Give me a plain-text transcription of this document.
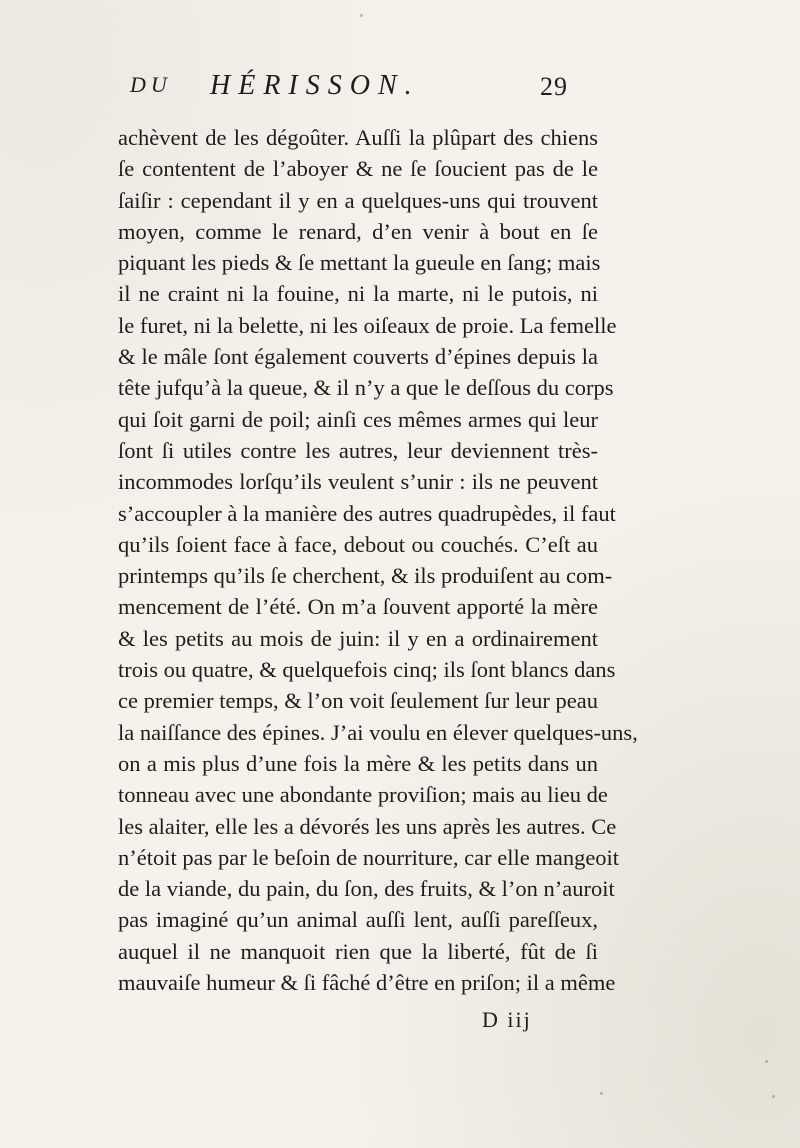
DU HÉRISSON.	29
achèvent de les dégoûter. Auſſi la plûpart des chiens
ſe contentent de l’aboyer & ne ſe ſoucient pas de le
ſaiſir : cependant il y en a quelques-uns qui trouvent
moyen, comme le renard, d’en venir à bout en ſe
piquant les pieds & ſe mettant la gueule en ſang; mais
il ne craint ni la fouine, ni la marte, ni le putois, ni
le furet, ni la belette, ni les oiſeaux de proie. La femelle
& le mâle ſont également couverts d’épines depuis la
tête jufqu’à la queue, & il n’y a que le deſſous du corps
qui ſoit garni de poil; ainſi ces mêmes armes qui leur
ſont ſi utiles contre les autres, leur deviennent très-
incommodes lorſqu’ils veulent s’unir : ils ne peuvent
s’accoupler à la manière des autres quadrupèdes, il faut
qu’ils ſoient face à face, debout ou couchés. C’eſt au
printemps qu’ils ſe cherchent, & ils produiſent au com-
mencement de l’été. On m’a ſouvent apporté la mère
& les petits au mois de juin: il y en a ordinairement
trois ou quatre, & quelquefois cinq; ils ſont blancs dans
ce premier temps, & l’on voit ſeulement ſur leur peau
la naiſſance des épines. J’ai voulu en élever quelques-uns,
on a mis plus d’une fois la mère & les petits dans un
tonneau avec une abondante proviſion; mais au lieu de
les alaiter, elle les a dévorés les uns après les autres. Ce
n’étoit pas par le beſoin de nourriture, car elle mangeoit
de la viande, du pain, du ſon, des fruits, & l’on n’auroit
pas imaginé qu’un animal auſſi lent, auſſi pareſſeux,
auquel il ne manquoit rien que la liberté, fût de ſi
mauvaiſe humeur & ſi fâché d’être en priſon; il a même
D iij
